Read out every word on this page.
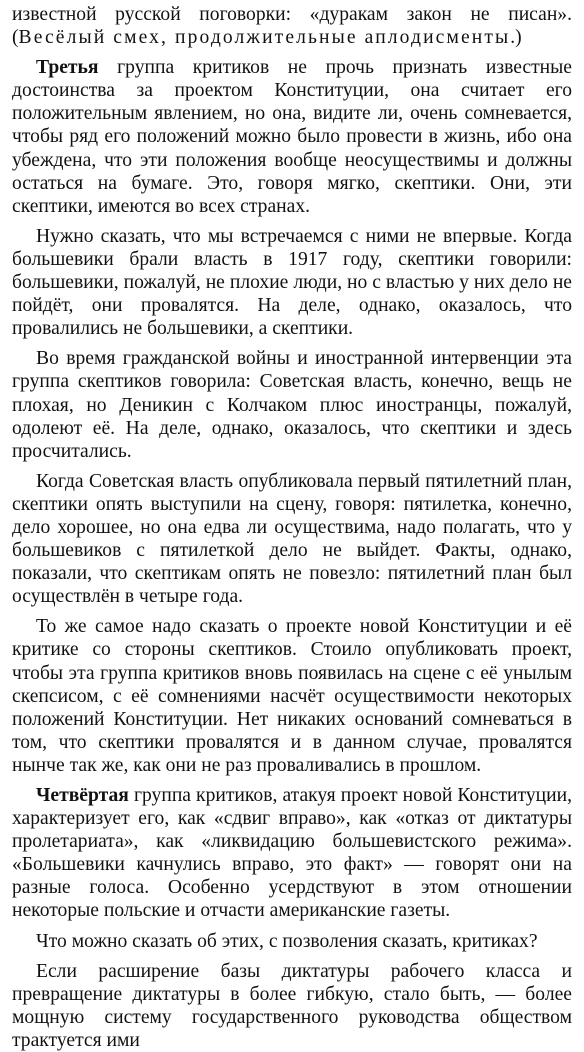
известной русской поговорки: «дуракам закон не писан». (Весёлый смех, продолжительные аплодисменты.)

Третья группа критиков не прочь признать известные достоинства за проектом Конституции, она считает его положительным явлением, но она, видите ли, очень сомневается, чтобы ряд его положений можно было провести в жизнь, ибо она убеждена, что эти положения вообще неосуществимы и должны остаться на бумаге. Это, говоря мягко, скептики. Они, эти скептики, имеются во всех странах.

Нужно сказать, что мы встречаемся с ними не впервые. Когда большевики брали власть в 1917 году, скептики говорили: большевики, пожалуй, не плохие люди, но с властью у них дело не пойдёт, они провалятся. На деле, однако, оказалось, что провалились не большевики, а скептики.

Во время гражданской войны и иностранной интервенции эта группа скептиков говорила: Советская власть, конечно, вещь не плохая, но Деникин с Колчаком плюс иностранцы, пожалуй, одолеют её. На деле, однако, оказалось, что скептики и здесь просчитались.

Когда Советская власть опубликовала первый пятилетний план, скептики опять выступили на сцену, говоря: пятилетка, конечно, дело хорошее, но она едва ли осуществима, надо полагать, что у большевиков с пятилеткой дело не выйдет. Факты, однако, показали, что скептикам опять не повезло: пятилетний план был осуществлён в четыре года.

То же самое надо сказать о проекте новой Конституции и её критике со стороны скептиков. Стоило опубликовать проект, чтобы эта группа критиков вновь появилась на сцене с её унылым скепсисом, с её сомнениями насчёт осуществимости некоторых положений Конституции. Нет никаких оснований сомневаться в том, что скептики провалятся и в данном случае, провалятся нынче так же, как они не раз проваливались в прошлом.

Четвёртая группа критиков, атакуя проект новой Конституции, характеризует его, как «сдвиг вправо», как «отказ от диктатуры пролетариата», как «ликвидацию большевистского режима». «Большевики качнулись вправо, это факт» — говорят они на разные голоса. Особенно усердствуют в этом отношении некоторые польские и отчасти американские газеты.

Что можно сказать об этих, с позволения сказать, критиках?

Если расширение базы диктатуры рабочего класса и превращение диктатуры в более гибкую, стало быть, — более мощную систему государственного руководства обществом трактуется ими
